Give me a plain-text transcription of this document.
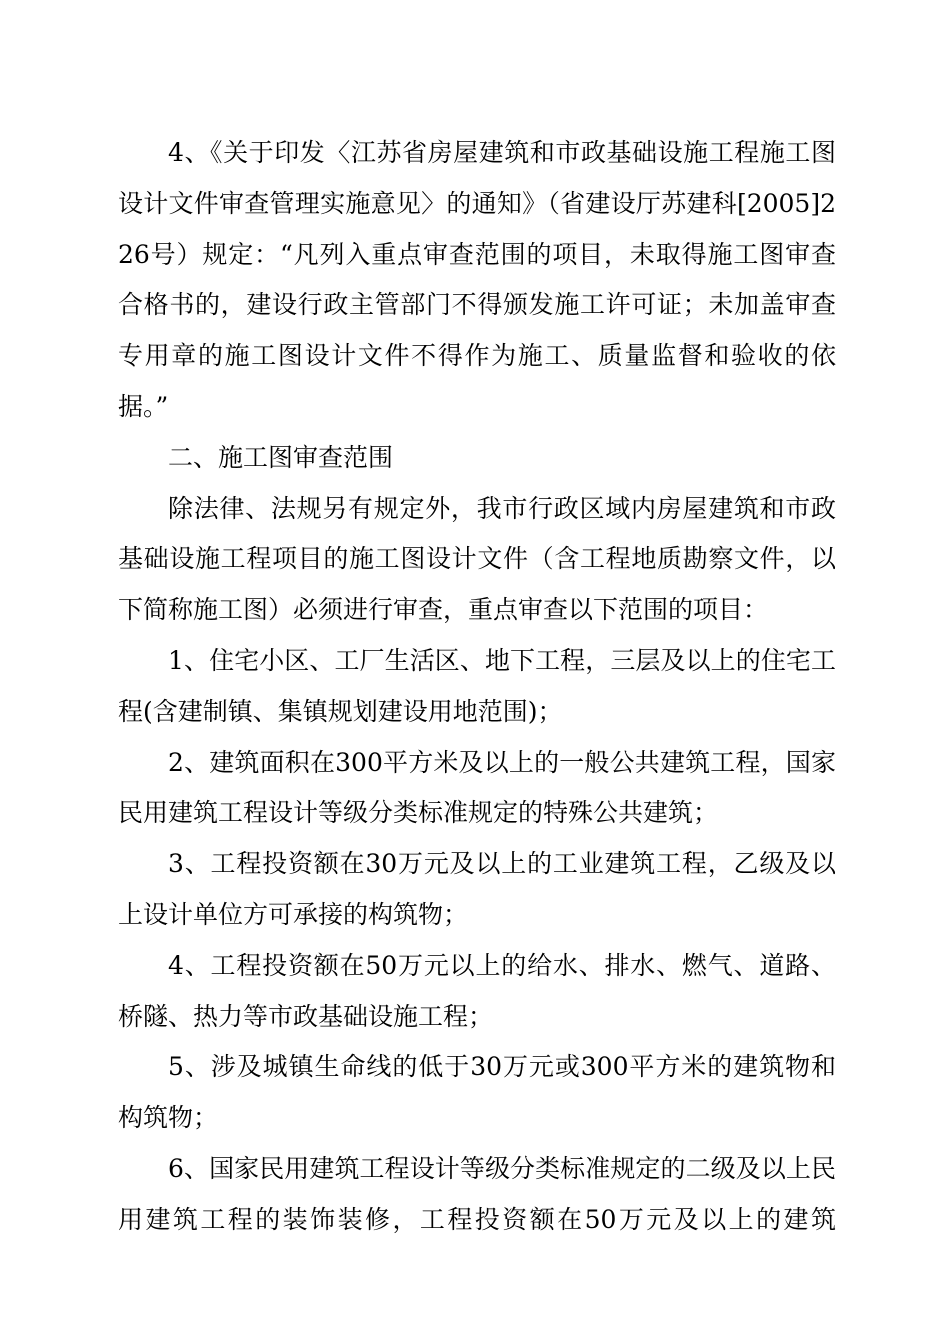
4、《关于印发〈江苏省房屋建筑和市政基础设施工程施工图设计文件审查管理实施意见〉的通知》（省建设厅苏建科[2005]226号）规定：“凡列入重点审查范围的项目，未取得施工图审查合格书的，建设行政主管部门不得颁发施工许可证；未加盖审查专用章的施工图设计文件不得作为施工、质量监督和验收的依据。”

二、施工图审查范围

除法律、法规另有规定外，我市行政区域内房屋建筑和市政基础设施工程项目的施工图设计文件（含工程地质勘察文件，以下简称施工图）必须进行审查，重点审查以下范围的项目：

1、住宅小区、工厂生活区、地下工程，三层及以上的住宅工程(含建制镇、集镇规划建设用地范围)；

2、建筑面积在300平方米及以上的一般公共建筑工程，国家民用建筑工程设计等级分类标准规定的特殊公共建筑；

3、工程投资额在30万元及以上的工业建筑工程，乙级及以上设计单位方可承接的构筑物；

4、工程投资额在50万元以上的给水、排水、燃气、道路、桥隧、热力等市政基础设施工程；

5、涉及城镇生命线的低于30万元或300平方米的建筑物和构筑物；

6、国家民用建筑工程设计等级分类标准规定的二级及以上民用建筑工程的装饰装修，工程投资额在50万元及以上的建筑
